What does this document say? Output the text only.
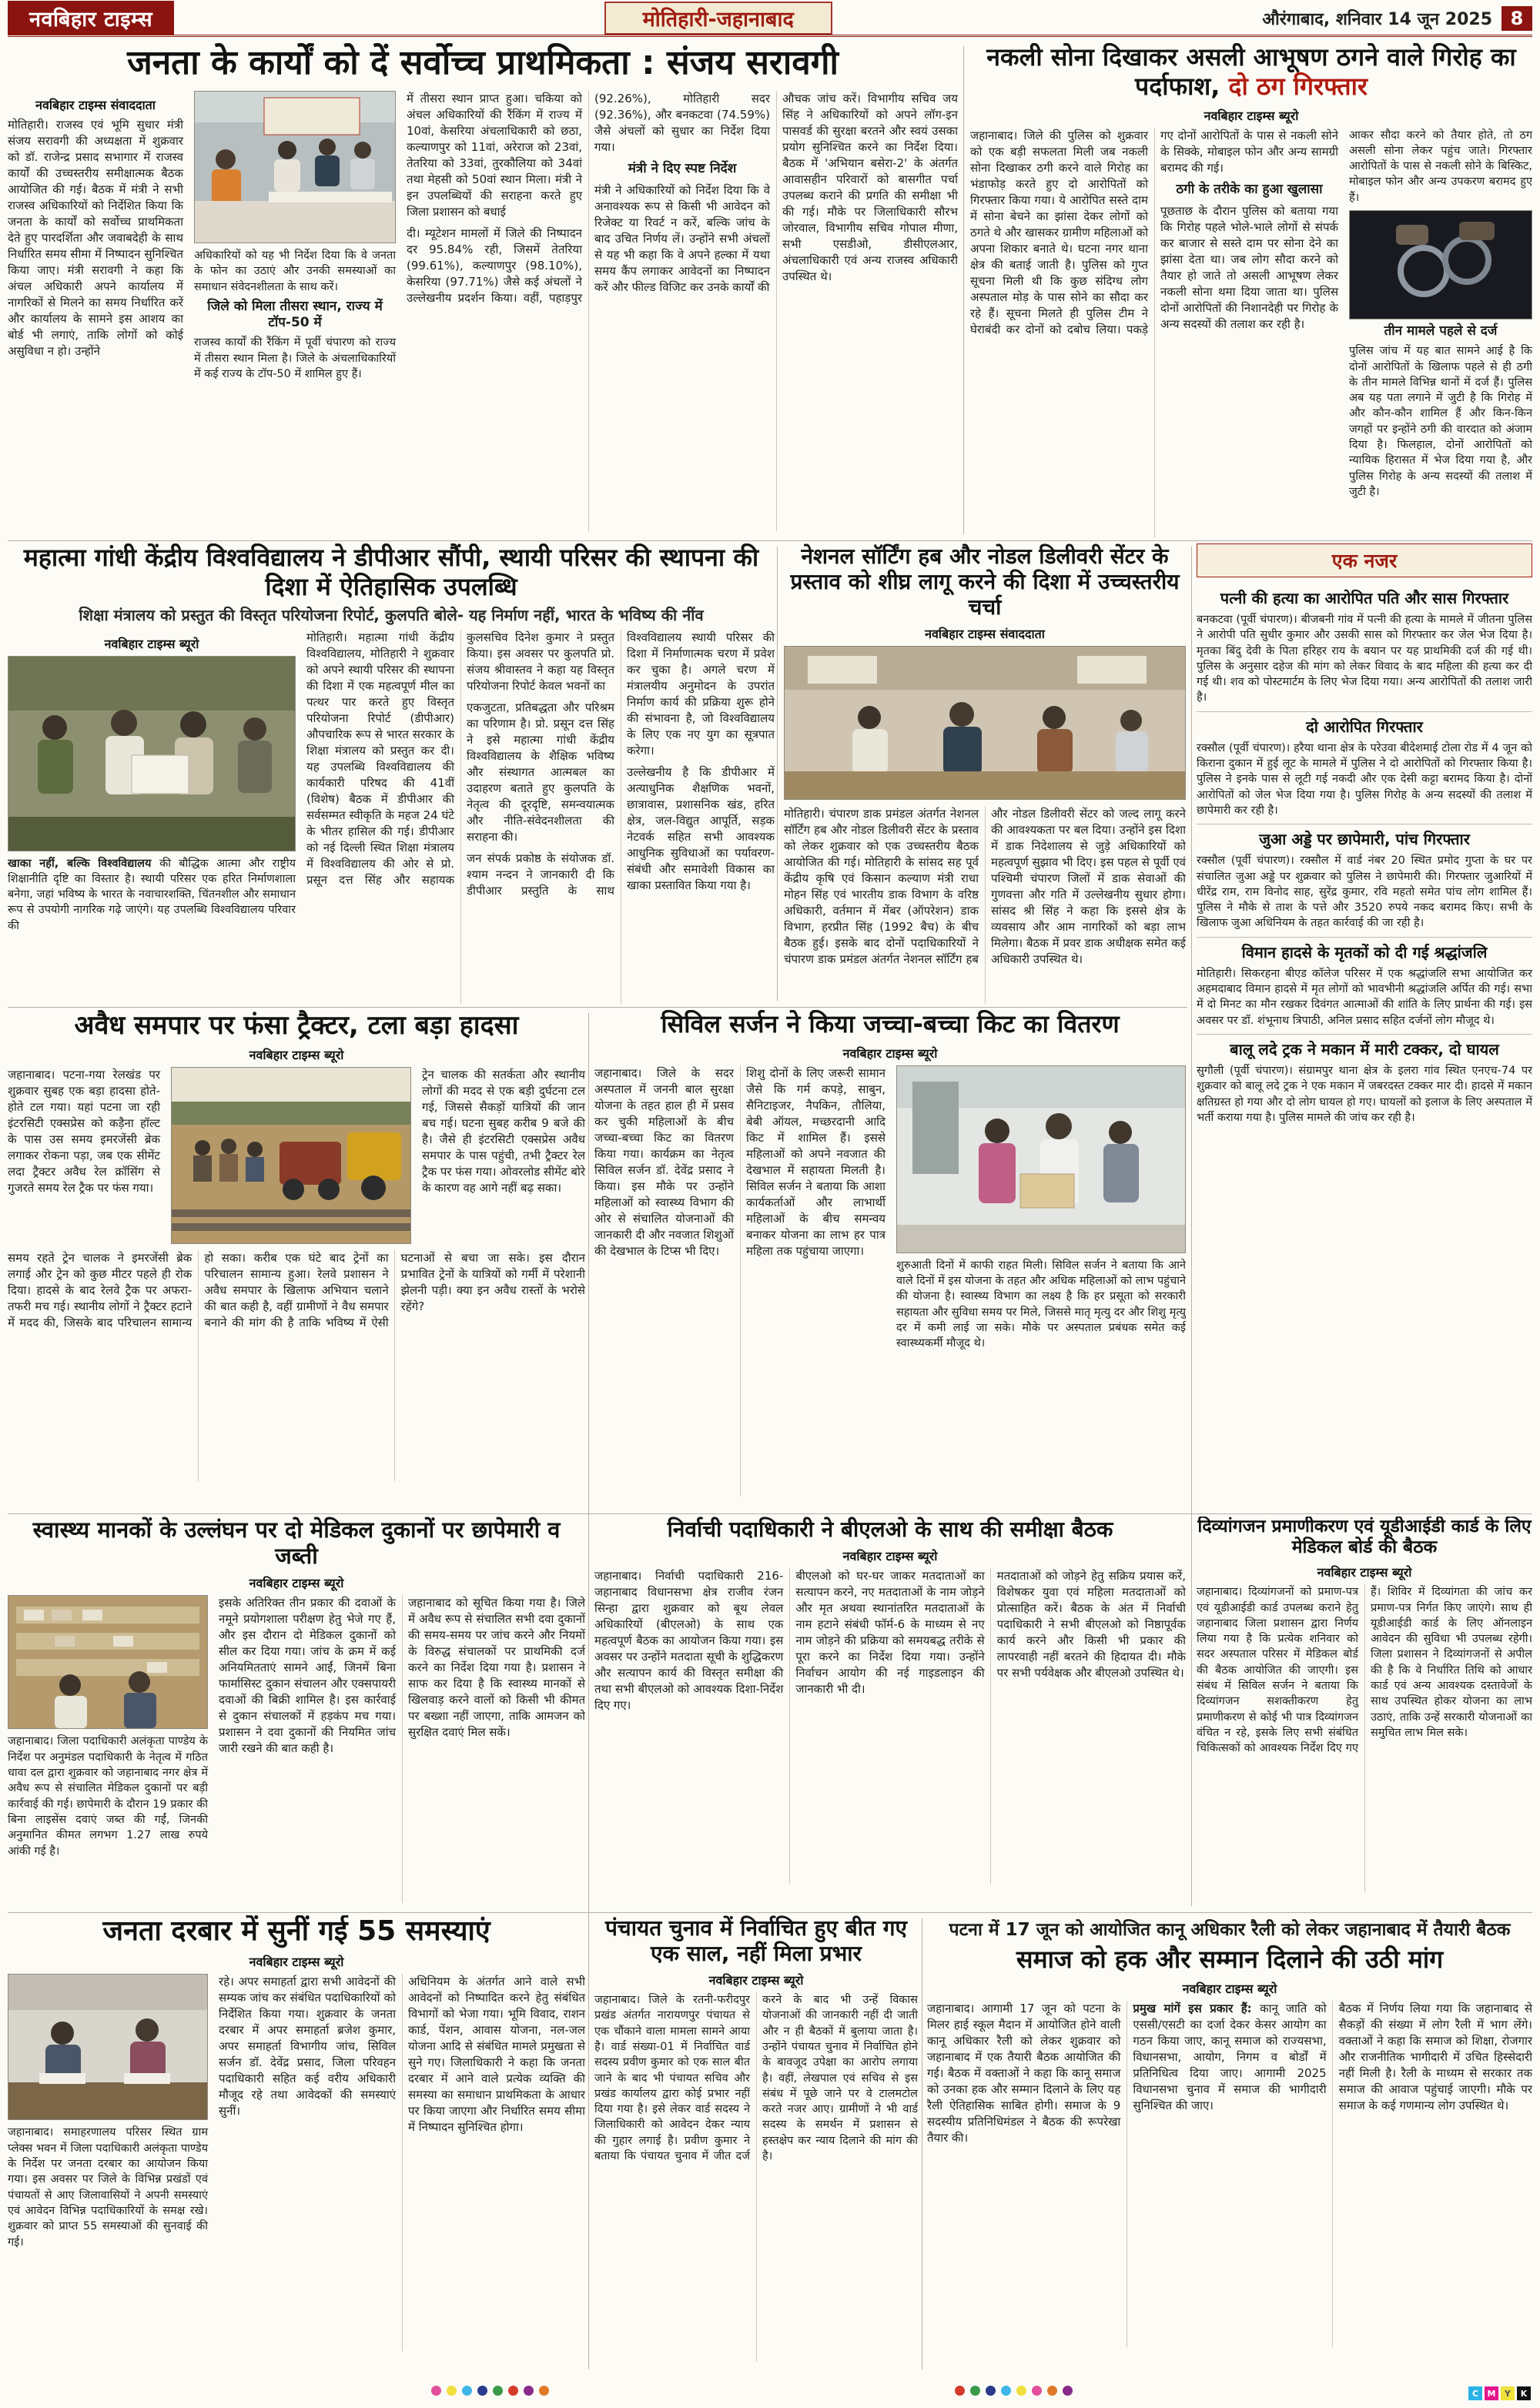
नवबिहार टाइम्स	मोतिहारी-जहानाबाद	औरंगाबाद, शनिवार 14 जून 2025 8
जनता के कार्यों को दें सर्वोच्च प्राथमिकता : संजय सरावगी
नवबिहार टाइम्स संवाददाता
मोतिहारी। राजस्व एवं भूमि सुधार मंत्री संजय सरावगी की अध्यक्षता में शुक्रवार को डॉ. राजेन्द्र प्रसाद सभागार में राजस्व कार्यों की उच्चस्तरीय समीक्षात्मक बैठक आयोजित की गई। बैठक में मंत्री ने सभी राजस्व अधिकारियों को निर्देशित किया कि जनता के कार्यों को सर्वोच्च प्राथमिकता देते हुए पारदर्शिता और जवाबदेही के साथ निर्धारित समय सीमा में निष्पादन सुनिश्चित किया जाए। मंत्री सरावगी ने कहा कि अंचल अधिकारी अपने कार्यालय में नागरिकों से मिलने का समय निर्धारित करें और कार्यालय के सामने इस आशय का बोर्ड भी लगाएं, ताकि लोगों को कोई असुविधा न हो। उन्होंने
अधिकारियों को यह भी निर्देश दिया कि वे जनता के फोन का उठाएं और उनकी समस्याओं का समाधान संवेदनशीलता के साथ करें।
जिले को मिला तीसरा स्थान, राज्य में टॉप-50 में
राजस्व कार्यों की रैंकिंग में पूर्वी चंपारण को राज्य में तीसरा स्थान मिला है। जिले के अंचलाधिकारियों में कई राज्य के टॉप-50 में शामिल हुए हैं।

में तीसरा स्थान प्राप्त हुआ। चकिया को अंचल अधिकारियों की रैंकिंग में राज्य में 10वां, केसरिया अंचलाधिकारी को छठा, कल्याणपुर को 11वां, अरेराज को 23वां, तेतरिया को 33वां, तुरकौलिया को 34वां तथा मेहसी को 50वां स्थान मिला। मंत्री ने इन उपलब्धियों की सराहना करते हुए जिला प्रशासन को बधाई

दी। म्यूटेशन मामलों में जिले की निष्पादन दर 95.84% रही, जिसमें तेतरिया (99.61%), कल्याणपुर (98.10%), केसरिया (97.71%) जैसे कई अंचलों ने उल्लेखनीय प्रदर्शन किया। वहीं, पहाड़पुर (92.26%), मोतिहारी सदर (92.36%), और बनकटवा (74.59%) जैसे अंचलों को सुधार का निर्देश दिया गया।

मंत्री ने दिए स्पष्ट निर्देश

मंत्री ने अधिकारियों को निर्देश दिया कि वे अनावश्यक रूप से किसी भी आवेदन को रिजेक्ट या रिवर्ट न करें, बल्कि जांच के बाद उचित निर्णय लें। उन्होंने सभी अंचलों से यह भी कहा कि वे अपने हल्का में यथा समय कैंप लगाकर आवेदनों का निष्पादन करें और फील्ड विजिट कर उनके कार्यों की

औचक जांच करें। विभागीय सचिव जय सिंह ने अधिकारियों को अपने लॉग-इन पासवर्ड की सुरक्षा बरतने और स्वयं उसका प्रयोग सुनिश्चित करने का निर्देश दिया। बैठक में 'अभियान बसेरा-2' के अंतर्गत आवासहीन परिवारों को बासगीत पर्चा उपलब्ध कराने की प्रगति की समीक्षा भी की गई। मौके पर जिलाधिकारी सौरभ जोरवाल, विभागीय सचिव गोपाल मीणा, सभी एसडीओ, डीसीएलआर, अंचलाधिकारी एवं अन्य राजस्व अधिकारी उपस्थित थे।

नकली सोना दिखाकर असली आभूषण ठगने वाले गिरोह का पर्दाफाश, दो ठग गिरफ्तार
नवबिहार टाइम्स ब्यूरो

जहानाबाद। जिले की पुलिस को शुक्रवार को एक बड़ी सफलता मिली जब नकली सोना दिखाकर ठगी करने वाले गिरोह का भंडाफोड़ करते हुए दो आरोपितों को गिरफ्तार किया गया। ये आरोपित सस्ते दाम में सोना बेचने का झांसा देकर लोगों को ठगते थे और खासकर ग्रामीण महिलाओं को अपना शिकार बनाते थे। घटना नगर थाना क्षेत्र की बताई जाती है। पुलिस को गुप्त सूचना मिली थी कि कुछ संदिग्ध लोग अस्पताल मोड़ के पास सोने का सौदा कर रहे हैं। सूचना मिलते ही पुलिस टीम ने घेराबंदी कर दोनों को दबोच लिया। पकड़े गए दोनों आरोपितों के पास से नकली सोने के सिक्के, मोबाइल फोन और अन्य सामग्री बरामद की गई।

ठगी के तरीके का हुआ खुलासा

पूछताछ के दौरान पुलिस को बताया गया कि गिरोह पहले भोले-भाले लोगों से संपर्क कर बाजार से सस्ते दाम पर सोना देने का झांसा देता था। जब लोग सौदा करने को तैयार हो जाते तो असली आभूषण लेकर नकली सोना थमा दिया जाता था। पुलिस दोनों आरोपितों की निशानदेही पर गिरोह के अन्य सदस्यों की तलाश कर रही है।

आकर सौदा करने को तैयार होते, तो ठग असली सोना लेकर पहुंच जाते। गिरफ्तार आरोपितों के पास से नकली सोने के बिस्किट, मोबाइल फोन और अन्य उपकरण बरामद हुए हैं।
तीन मामले पहले से दर्ज
पुलिस जांच में यह बात सामने आई है कि दोनों आरोपितों के खिलाफ पहले से ही ठगी के तीन मामले विभिन्न थानों में दर्ज हैं। पुलिस अब यह पता लगाने में जुटी है कि गिरोह में और कौन-कौन शामिल हैं और किन-किन जगहों पर इन्होंने ठगी की वारदात को अंजाम दिया है। फिलहाल, दोनों आरोपितों को न्यायिक हिरासत में भेज दिया गया है, और पुलिस गिरोह के अन्य सदस्यों की तलाश में जुटी है।
महात्मा गांधी केंद्रीय विश्वविद्यालय ने डीपीआर सौंपी, स्थायी परिसर की स्थापना की दिशा में ऐतिहासिक उपलब्धि
शिक्षा मंत्रालय को प्रस्तुत की विस्तृत परियोजना रिपोर्ट, कुलपति बोले- यह निर्माण नहीं, भारत के भविष्य की नींव
नवबिहार टाइम्स ब्यूरो
खाका नहीं, बल्कि विश्वविद्यालय की बौद्धिक आत्मा और राष्ट्रीय शिक्षानीति दृष्टि का विस्तार है। स्थायी परिसर एक हरित निर्माणशाला बनेगा, जहां भविष्य के भारत के नवाचारशक्ति, चिंतनशील और समाधान रूप से उपयोगी नागरिक गढ़े जाएंगे। यह उपलब्धि विश्वविद्यालय परिवार की

मोतिहारी। महात्मा गांधी केंद्रीय विश्वविद्यालय, मोतिहारी ने शुक्रवार को अपने स्थायी परिसर की स्थापना की दिशा में एक महत्वपूर्ण मील का पत्थर पार करते हुए विस्तृत परियोजना रिपोर्ट (डीपीआर) औपचारिक रूप से भारत सरकार के शिक्षा मंत्रालय को प्रस्तुत कर दी। यह उपलब्धि विश्वविद्यालय की कार्यकारी परिषद की 41वीं (विशेष) बैठक में डीपीआर की सर्वसम्मत स्वीकृति के महज 24 घंटे के भीतर हासिल की गई। डीपीआर को नई दिल्ली स्थित शिक्षा मंत्रालय में विश्वविद्यालय की ओर से प्रो. प्रसून दत्त सिंह और सहायक कुलसचिव दिनेश कुमार ने प्रस्तुत किया। इस अवसर पर कुलपति प्रो. संजय श्रीवास्तव ने कहा यह विस्तृत परियोजना रिपोर्ट केवल भवनों का

एकजुटता, प्रतिबद्धता और परिश्रम का परिणाम है। प्रो. प्रसून दत्त सिंह ने इसे महात्मा गांधी केंद्रीय विश्वविद्यालय के शैक्षिक भविष्य और संस्थागत आत्मबल का उदाहरण बताते हुए कुलपति के नेतृत्व की दूरदृष्टि, समन्वयात्मक और नीति-संवेदनशीलता की सराहना की।

जन संपर्क प्रकोष्ठ के संयोजक डॉ. श्याम नन्दन ने जानकारी दी कि डीपीआर प्रस्तुति के साथ विश्वविद्यालय स्थायी परिसर की दिशा में निर्माणात्मक चरण में प्रवेश कर चुका है। अगले चरण में मंत्रालयीय अनुमोदन के उपरांत निर्माण कार्य की प्रक्रिया शुरू होने की संभावना है, जो विश्वविद्यालय के लिए एक नए युग का सूत्रपात करेगा।

उल्लेखनीय है कि डीपीआर में अत्याधुनिक शैक्षणिक भवनों, छात्रावास, प्रशासनिक खंड, हरित क्षेत्र, जल-विद्युत आपूर्ति, सड़क नेटवर्क सहित सभी आवश्यक आधुनिक सुविधाओं का पर्यावरण-संबंधी और समावेशी विकास का खाका प्रस्तावित किया गया है।

नेशनल सॉर्टिंग हब और नोडल डिलीवरी सेंटर के प्रस्ताव को शीघ्र लागू करने की दिशा में उच्चस्तरीय चर्चा
नवबिहार टाइम्स संवाददाता

मोतिहारी। चंपारण डाक प्रमंडल अंतर्गत नेशनल सॉर्टिंग हब और नोडल डिलीवरी सेंटर के प्रस्ताव को लेकर शुक्रवार को एक उच्चस्तरीय बैठक आयोजित की गई। मोतिहारी के सांसद सह पूर्व केंद्रीय कृषि एवं किसान कल्याण मंत्री राधा मोहन सिंह एवं भारतीय डाक विभाग के वरिष्ठ अधिकारी, वर्तमान में मेंबर (ऑपरेशन) डाक विभाग, हरप्रीत सिंह (1992 बैच) के बीच बैठक हुई। इसके बाद दोनों पदाधिकारियों ने चंपारण डाक प्रमंडल अंतर्गत नेशनल सॉर्टिंग हब और नोडल डिलीवरी सेंटर को जल्द लागू करने की आवश्यकता पर बल दिया। उन्होंने इस दिशा में डाक निदेशालय से जुड़े अधिकारियों को महत्वपूर्ण सुझाव भी दिए। इस पहल से पूर्वी एवं पश्चिमी चंपारण जिलों में डाक सेवाओं की गुणवत्ता और गति में उल्लेखनीय सुधार होगा। सांसद श्री सिंह ने कहा कि इससे क्षेत्र के व्यवसाय और आम नागरिकों को बड़ा लाभ मिलेगा। बैठक में प्रवर डाक अधीक्षक समेत कई अधिकारी उपस्थित थे।

एक नजर
पत्नी की हत्या का आरोपित पति और सास गिरफ्तार
बनकटवा (पूर्वी चंपारण)। बीजबनी गांव में पत्नी की हत्या के मामले में जीतना पुलिस ने आरोपी पति सुधीर कुमार और उसकी सास को गिरफ्तार कर जेल भेज दिया है। मृतका बिंदु देवी के पिता हरिहर राय के बयान पर यह प्राथमिकी दर्ज की गई थी। पुलिस के अनुसार दहेज की मांग को लेकर विवाद के बाद महिला की हत्या कर दी गई थी। शव को पोस्टमार्टम के लिए भेज दिया गया। अन्य आरोपितों की तलाश जारी है।
दो आरोपित गिरफ्तार
रक्सौल (पूर्वी चंपारण)। हरैया थाना क्षेत्र के परेउवा बीदेशमाई टोला रोड में 4 जून को किराना दुकान में हुई लूट के मामले में पुलिस ने दो आरोपितों को गिरफ्तार किया है। पुलिस ने इनके पास से लूटी गई नकदी और एक देसी कट्टा बरामद किया है। दोनों आरोपितों को जेल भेज दिया गया है। पुलिस गिरोह के अन्य सदस्यों की तलाश में छापेमारी कर रही है।
जुआ अड्डे पर छापेमारी, पांच गिरफ्तार
रक्सौल (पूर्वी चंपारण)। रक्सौल में वार्ड नंबर 20 स्थित प्रमोद गुप्ता के घर पर संचालित जुआ अड्डे पर शुक्रवार को पुलिस ने छापेमारी की। गिरफ्तार जुआरियों में धीरेंद्र राम, राम विनोद साह, सुरेंद्र कुमार, रवि महतो समेत पांच लोग शामिल हैं। पुलिस ने मौके से ताश के पत्ते और 3520 रुपये नकद बरामद किए। सभी के खिलाफ जुआ अधिनियम के तहत कार्रवाई की जा रही है।
विमान हादसे के मृतकों को दी गई श्रद्धांजलि
मोतिहारी। सिकरहना बीएड कॉलेज परिसर में एक श्रद्धांजलि सभा आयोजित कर अहमदाबाद विमान हादसे में मृत लोगों को भावभीनी श्रद्धांजलि अर्पित की गई। सभा में दो मिनट का मौन रखकर दिवंगत आत्माओं की शांति के लिए प्रार्थना की गई। इस अवसर पर डॉ. शंभूनाथ त्रिपाठी, अनिल प्रसाद सहित दर्जनों लोग मौजूद थे।
बालू लदे ट्रक ने मकान में मारी टक्कर, दो घायल
सुगौली (पूर्वी चंपारण)। संग्रामपुर थाना क्षेत्र के इलरा गांव स्थित एनएच-74 पर शुक्रवार को बालू लदे ट्रक ने एक मकान में जबरदस्त टक्कर मार दी। हादसे में मकान क्षतिग्रस्त हो गया और दो लोग घायल हो गए। घायलों को इलाज के लिए अस्पताल में भर्ती कराया गया है। पुलिस मामले की जांच कर रही है।
अवैध समपार पर फंसा ट्रैक्टर, टला बड़ा हादसा
नवबिहार टाइम्स ब्यूरो
जहानाबाद। पटना-गया रेलखंड पर शुक्रवार सुबह एक बड़ा हादसा होते-होते टल गया। यहां पटना जा रही इंटरसिटी एक्सप्रेस को कड़ैना हॉल्ट के पास उस समय इमरजेंसी ब्रेक लगाकर रोकना पड़ा, जब एक सीमेंट लदा ट्रैक्टर अवैध रेल क्रॉसिंग से गुजरते समय रेल ट्रैक पर फंस गया।
ट्रेन चालक की सतर्कता और स्थानीय लोगों की मदद से एक बड़ी दुर्घटना टल गई, जिससे सैकड़ों यात्रियों की जान बच गई। घटना सुबह करीब 9 बजे की है। जैसे ही इंटरसिटी एक्सप्रेस अवैध समपार के पास पहुंची, तभी ट्रैक्टर रेल ट्रैक पर फंस गया। ओवरलोड सीमेंट बोरे के कारण वह आगे नहीं बढ़ सका।

समय रहते ट्रेन चालक ने इमरजेंसी ब्रेक लगाई और ट्रेन को कुछ मीटर पहले ही रोक दिया। हादसे के बाद रेलवे ट्रैक पर अफरा-तफरी मच गई। स्थानीय लोगों ने ट्रैक्टर हटाने में मदद की, जिसके बाद परिचालन सामान्य हो सका। करीब एक घंटे बाद ट्रेनों का परिचालन सामान्य हुआ। रेलवे प्रशासन ने अवैध समपार के खिलाफ अभियान चलाने की बात कही है, वहीं ग्रामीणों ने वैध समपार बनाने की मांग की है ताकि भविष्य में ऐसी घटनाओं से बचा जा सके। इस दौरान प्रभावित ट्रेनों के यात्रियों को गर्मी में परेशानी झेलनी पड़ी। क्या इन अवैध रास्तों के भरोसे रहेंगे?

सिविल सर्जन ने किया जच्चा-बच्चा किट का वितरण
नवबिहार टाइम्स ब्यूरो

जहानाबाद। जिले के सदर अस्पताल में जननी बाल सुरक्षा योजना के तहत हाल ही में प्रसव कर चुकी महिलाओं के बीच जच्चा-बच्चा किट का वितरण किया गया। कार्यक्रम का नेतृत्व सिविल सर्जन डॉ. देवेंद्र प्रसाद ने किया। इस मौके पर उन्होंने महिलाओं को स्वास्थ्य विभाग की ओर से संचालित योजनाओं की जानकारी दी और नवजात शिशुओं की देखभाल के टिप्स भी दिए।

शिशु दोनों के लिए जरूरी सामान जैसे कि गर्म कपड़े, साबुन, सैनिटाइजर, नैपकिन, तौलिया, बेबी ऑयल, मच्छरदानी आदि किट में शामिल हैं। इससे महिलाओं को अपने नवजात की देखभाल में सहायता मिलती है। सिविल सर्जन ने बताया कि आशा कार्यकर्ताओं और लाभार्थी महिलाओं के बीच समन्वय बनाकर योजना का लाभ हर पात्र महिला तक पहुंचाया जाएगा।

शुरुआती दिनों में काफी राहत मिली। सिविल सर्जन ने बताया कि आने वाले दिनों में इस योजना के तहत और अधिक महिलाओं को लाभ पहुंचाने की योजना है। स्वास्थ्य विभाग का लक्ष्य है कि हर प्रसूता को सरकारी सहायता और सुविधा समय पर मिले, जिससे मातृ मृत्यु दर और शिशु मृत्यु दर में कमी लाई जा सके। मौके पर अस्पताल प्रबंधक समेत कई स्वास्थ्यकर्मी मौजूद थे।
स्वास्थ्य मानकों के उल्लंघन पर दो मेडिकल दुकानों पर छापेमारी व जब्ती
नवबिहार टाइम्स ब्यूरो
जहानाबाद। जिला पदाधिकारी अलंकृता पाण्डेय के निर्देश पर अनुमंडल पदाधिकारी के नेतृत्व में गठित धावा दल द्वारा शुक्रवार को जहानाबाद नगर क्षेत्र में अवैध रूप से संचालित मेडिकल दुकानों पर बड़ी कार्रवाई की गई। छापेमारी के दौरान 19 प्रकार की बिना लाइसेंस दवाएं जब्त की गईं, जिनकी अनुमानित कीमत लगभग 1.27 लाख रुपये आंकी गई है।

इसके अतिरिक्त तीन प्रकार की दवाओं के नमूने प्रयोगशाला परीक्षण हेतु भेजे गए हैं, और इस दौरान दो मेडिकल दुकानों को सील कर दिया गया। जांच के क्रम में कई अनियमितताएं सामने आईं, जिनमें बिना फार्मासिस्ट दुकान संचालन और एक्सपायरी दवाओं की बिक्री शामिल है। इस कार्रवाई से दुकान संचालकों में हड़कंप मच गया। प्रशासन ने दवा दुकानों की नियमित जांच जारी रखने की बात कही है।

जहानाबाद को सूचित किया गया है। जिले में अवैध रूप से संचालित सभी दवा दुकानों की समय-समय पर जांच करने और नियमों के विरुद्ध संचालकों पर प्राथमिकी दर्ज करने का निर्देश दिया गया है। प्रशासन ने साफ कर दिया है कि स्वास्थ्य मानकों से खिलवाड़ करने वालों को किसी भी कीमत पर बख्शा नहीं जाएगा, ताकि आमजन को सुरक्षित दवाएं मिल सकें।

निर्वाची पदाधिकारी ने बीएलओ के साथ की समीक्षा बैठक
नवबिहार टाइम्स ब्यूरो

जहानाबाद। निर्वाची पदाधिकारी 216-जहानाबाद विधानसभा क्षेत्र राजीव रंजन सिन्हा द्वारा शुक्रवार को बूथ लेवल अधिकारियों (बीएलओ) के साथ एक महत्वपूर्ण बैठक का आयोजन किया गया। इस अवसर पर उन्होंने मतदाता सूची के शुद्धिकरण और सत्यापन कार्य की विस्तृत समीक्षा की तथा सभी बीएलओ को आवश्यक दिशा-निर्देश दिए गए।

बीएलओ को घर-घर जाकर मतदाताओं का सत्यापन करने, नए मतदाताओं के नाम जोड़ने और मृत अथवा स्थानांतरित मतदाताओं के नाम हटाने संबंधी फॉर्म-6 के माध्यम से नए नाम जोड़ने की प्रक्रिया को समयबद्ध तरीके से पूरा करने का निर्देश दिया गया। उन्होंने निर्वाचन आयोग की नई गाइडलाइन की जानकारी भी दी।

मतदाताओं को जोड़ने हेतु सक्रिय प्रयास करें, विशेषकर युवा एवं महिला मतदाताओं को प्रोत्साहित करें। बैठक के अंत में निर्वाची पदाधिकारी ने सभी बीएलओ को निष्ठापूर्वक कार्य करने और किसी भी प्रकार की लापरवाही नहीं बरतने की हिदायत दी। मौके पर सभी पर्यवेक्षक और बीएलओ उपस्थित थे।

दिव्यांगजन प्रमाणीकरण एवं यूडीआईडी कार्ड के लिए मेडिकल बोर्ड की बैठक
नवबिहार टाइम्स ब्यूरो

जहानाबाद। दिव्यांगजनों को प्रमाण-पत्र एवं यूडीआईडी कार्ड उपलब्ध कराने हेतु जहानाबाद जिला प्रशासन द्वारा निर्णय लिया गया है कि प्रत्येक शनिवार को सदर अस्पताल परिसर में मेडिकल बोर्ड की बैठक आयोजित की जाएगी। इस संबंध में सिविल सर्जन ने बताया कि दिव्यांगजन सशक्तीकरण हेतु प्रमाणीकरण से कोई भी पात्र दिव्यांगजन वंचित न रहे, इसके लिए सभी संबंधित चिकित्सकों को आवश्यक निर्देश दिए गए हैं। शिविर में दिव्यांगता की जांच कर प्रमाण-पत्र निर्गत किए जाएंगे। साथ ही यूडीआईडी कार्ड के लिए ऑनलाइन आवेदन की सुविधा भी उपलब्ध रहेगी। जिला प्रशासन ने दिव्यांगजनों से अपील की है कि वे निर्धारित तिथि को आधार कार्ड एवं अन्य आवश्यक दस्तावेजों के साथ उपस्थित होकर योजना का लाभ उठाएं, ताकि उन्हें सरकारी योजनाओं का समुचित लाभ मिल सके।

जनता दरबार में सुनीं गई 55 समस्याएं
नवबिहार टाइम्स ब्यूरो
जहानाबाद। समाहरणालय परिसर स्थित ग्राम प्लेक्स भवन में जिला पदाधिकारी अलंकृता पाण्डेय के निर्देश पर जनता दरबार का आयोजन किया गया। इस अवसर पर जिले के विभिन्न प्रखंडों एवं पंचायतों से आए जिलावासियों ने अपनी समस्याएं एवं आवेदन विभिन्न पदाधिकारियों के समक्ष रखे। शुक्रवार को प्राप्त 55 समस्याओं की सुनवाई की गई।

रहे। अपर समाहर्ता द्वारा सभी आवेदनों की सम्यक जांच कर संबंधित पदाधिकारियों को निर्देशित किया गया। शुक्रवार के जनता दरबार में अपर समाहर्ता ब्रजेश कुमार, अपर समाहर्ता विभागीय जांच, सिविल सर्जन डॉ. देवेंद्र प्रसाद, जिला परिवहन पदाधिकारी सहित कई वरीय अधिकारी मौजूद रहे तथा आवेदकों की समस्याएं सुनीं।

अधिनियम के अंतर्गत आने वाले सभी आवेदनों को निष्पादित करने हेतु संबंधित विभागों को भेजा गया। भूमि विवाद, राशन कार्ड, पेंशन, आवास योजना, नल-जल योजना आदि से संबंधित मामले प्रमुखता से सुने गए। जिलाधिकारी ने कहा कि जनता दरबार में आने वाले प्रत्येक व्यक्ति की समस्या का समाधान प्राथमिकता के आधार पर किया जाएगा और निर्धारित समय सीमा में निष्पादन सुनिश्चित होगा।

पंचायत चुनाव में निर्वाचित हुए बीत गए एक साल, नहीं मिला प्रभार
नवबिहार टाइम्स ब्यूरो

जहानाबाद। जिले के रतनी-फरीदपुर प्रखंड अंतर्गत नारायणपुर पंचायत से एक चौंकाने वाला मामला सामने आया है। वार्ड संख्या-01 में निर्वाचित वार्ड सदस्य प्रवीण कुमार को एक साल बीत जाने के बाद भी पंचायत सचिव और प्रखंड कार्यालय द्वारा कोई प्रभार नहीं दिया गया है। इसे लेकर वार्ड सदस्य ने जिलाधिकारी को आवेदन देकर न्याय की गुहार लगाई है। प्रवीण कुमार ने बताया कि पंचायत चुनाव में जीत दर्ज करने के बाद भी उन्हें विकास योजनाओं की जानकारी नहीं दी जाती और न ही बैठकों में बुलाया जाता है। उन्होंने पंचायत चुनाव में निर्वाचित होने के बावजूद उपेक्षा का आरोप लगाया है। वहीं, लेखपाल एवं सचिव से इस संबंध में पूछे जाने पर वे टालमटोल करते नजर आए। ग्रामीणों ने भी वार्ड सदस्य के समर्थन में प्रशासन से हस्तक्षेप कर न्याय दिलाने की मांग की है।

पटना में 17 जून को आयोजित कानू अधिकार रैली को लेकर जहानाबाद में तैयारी बैठक
समाज को हक और सम्मान दिलाने की उठी मांग
नवबिहार टाइम्स ब्यूरो

जहानाबाद। आगामी 17 जून को पटना के मिलर हाई स्कूल मैदान में आयोजित होने वाली कानू अधिकार रैली को लेकर शुक्रवार को जहानाबाद में एक तैयारी बैठक आयोजित की गई। बैठक में वक्ताओं ने कहा कि कानू समाज को उनका हक और सम्मान दिलाने के लिए यह रैली ऐतिहासिक साबित होगी। समाज के 9 सदस्यीय प्रतिनिधिमंडल ने बैठक की रूपरेखा तैयार की।

प्रमुख मांगें इस प्रकार हैं: कानू जाति को एससी/एसटी का दर्जा देकर केसर आयोग का गठन किया जाए, कानू समाज को राज्यसभा, विधानसभा, आयोग, निगम व बोर्डों में प्रतिनिधित्व दिया जाए। आगामी 2025 विधानसभा चुनाव में समाज की भागीदारी सुनिश्चित की जाए।

बैठक में निर्णय लिया गया कि जहानाबाद से सैकड़ों की संख्या में लोग रैली में भाग लेंगे। वक्ताओं ने कहा कि समाज को शिक्षा, रोजगार और राजनीतिक भागीदारी में उचित हिस्सेदारी नहीं मिली है। रैली के माध्यम से सरकार तक समाज की आवाज पहुंचाई जाएगी। मौके पर समाज के कई गणमान्य लोग उपस्थित थे।

C	M	Y	K
